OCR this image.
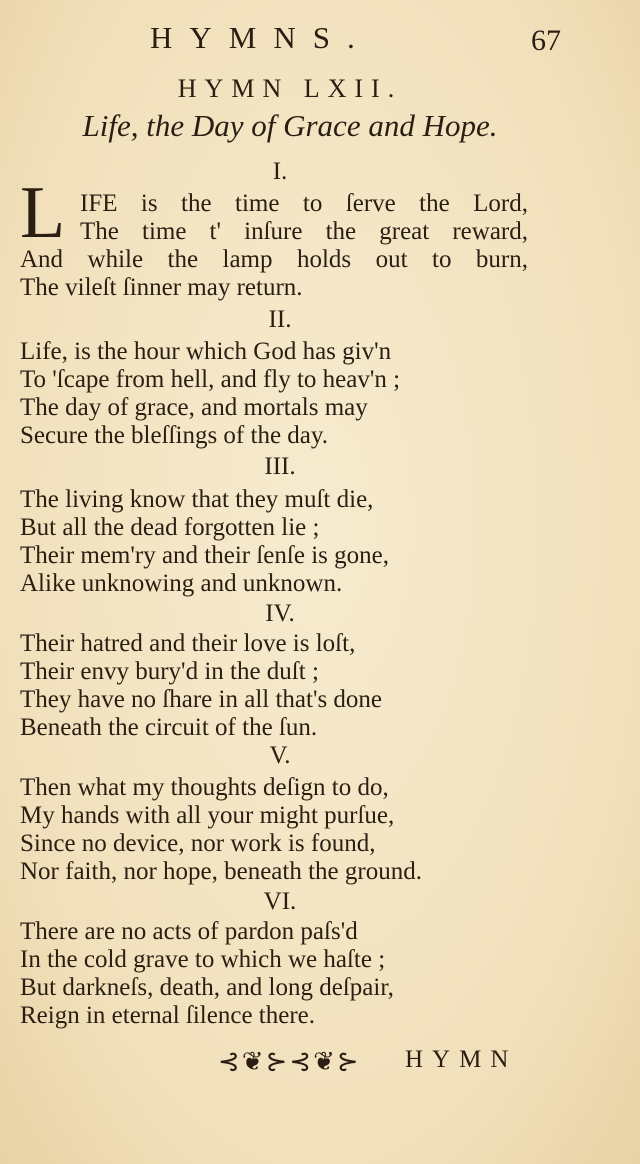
HYMNS.	67
HYMN LXII.
Life, the Day of Grace and Hope.
I.
L IFE is the time to ſerve the Lord,
The time t' inſure the great reward,
And while the lamp holds out to burn,
The vileſt ſinner may return.
II.
Life, is the hour which God has giv'n
To 'ſcape from hell, and fly to heav'n ;
The day of grace, and mortals may
Secure the bleſſings of the day.
III.
The living know that they muſt die,
But all the dead forgotten lie ;
Their mem'ry and their ſenſe is gone,
Alike unknowing and unknown.
IV.
Their hatred and their love is loſt,
Their envy bury'd in the duſt ;
They have no ſhare in all that's done
Beneath the circuit of the ſun.
V.
Then what my thoughts deſign to do,
My hands with all your might purſue,
Since no device, nor work is found,
Nor faith, nor hope, beneath the ground.
VI.
There are no acts of pardon paſs'd
In the cold grave to which we haſte ;
But darkneſs, death, and long deſpair,
Reign in eternal ſilence there.
⊰❦⊱⊰❦⊱ HYMN
